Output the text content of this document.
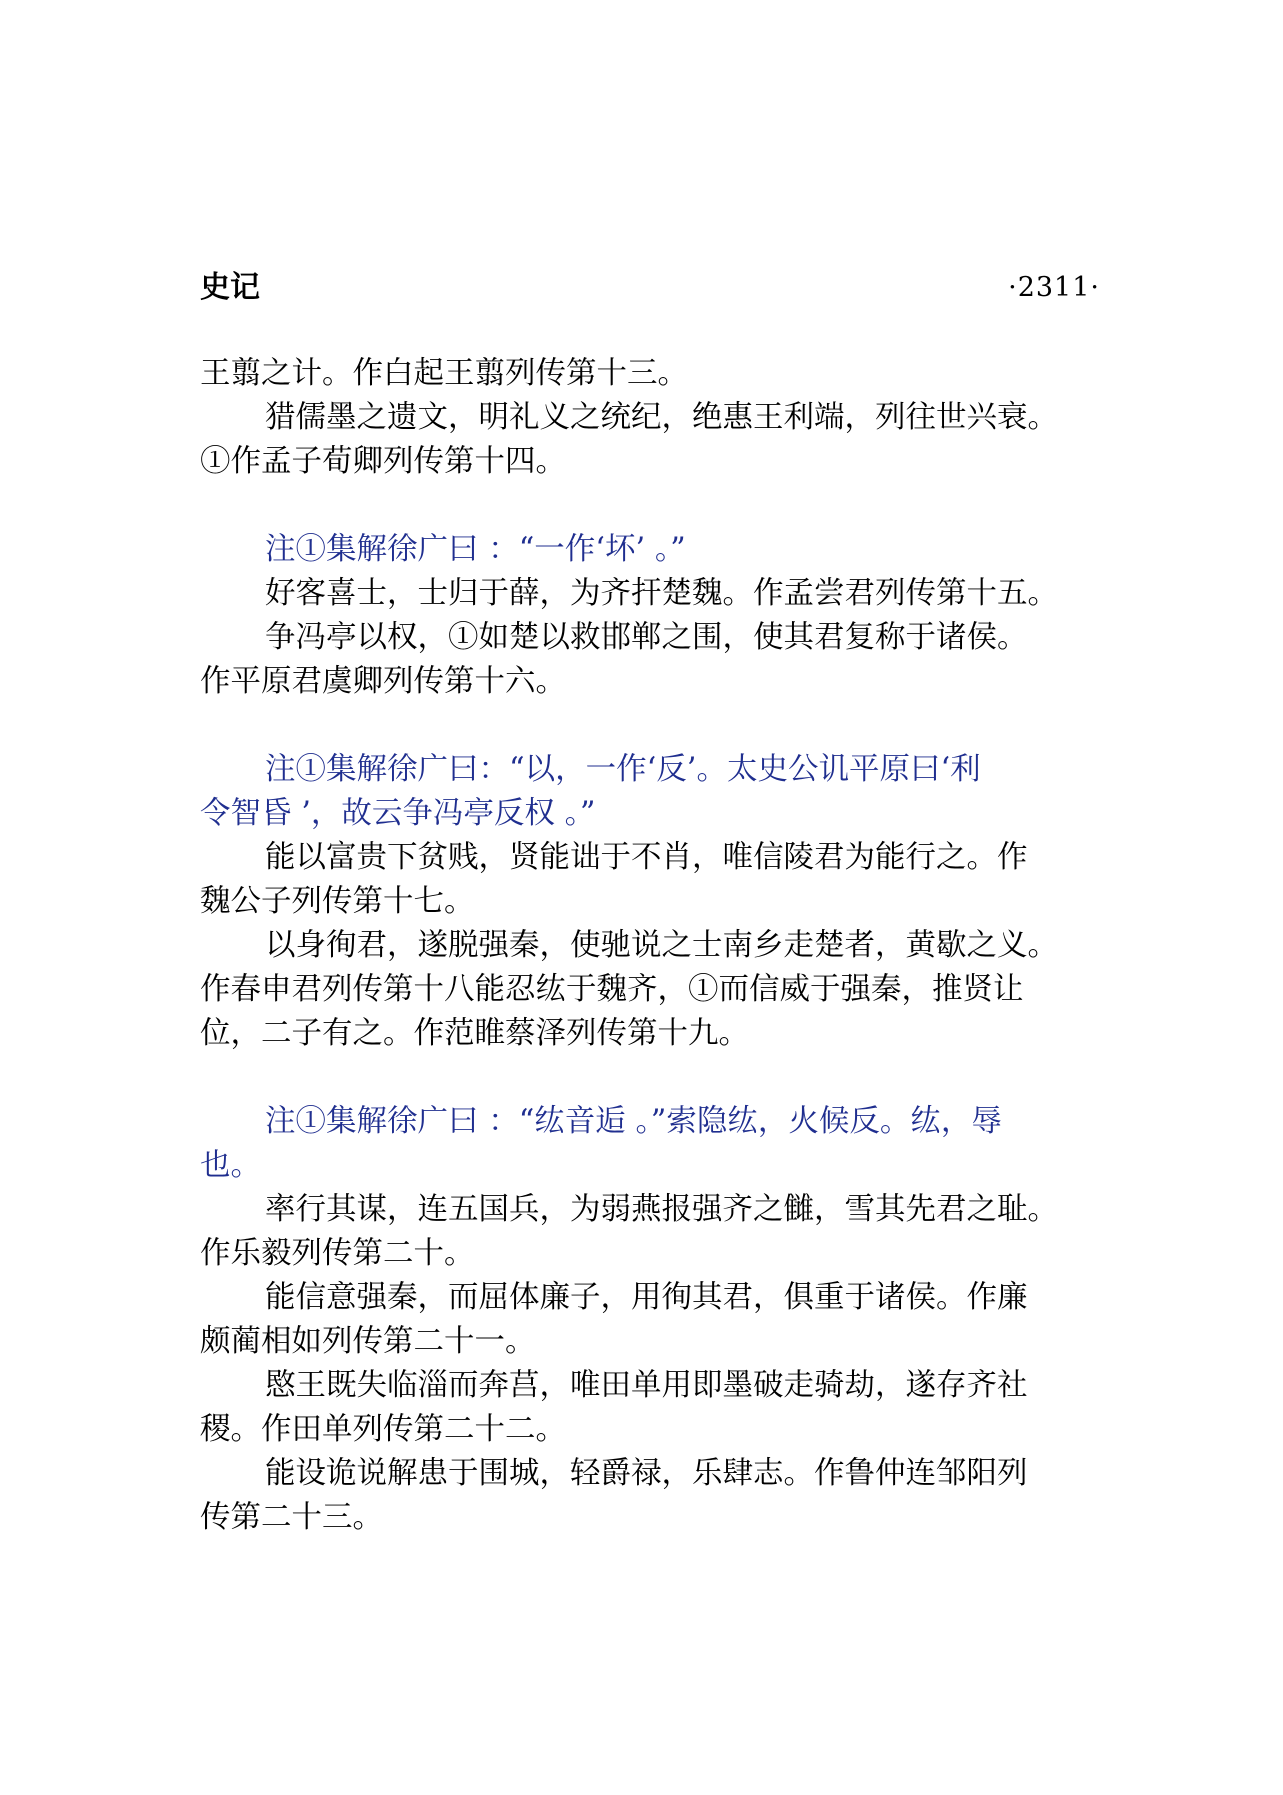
史记	·2311·
王翦之计。作白起王翦列传第十三。
猎儒墨之遗文，明礼义之统纪，绝惠王利端，列往世兴衰。
①作孟子荀卿列传第十四。
注①集解徐广曰 ：“一作‘坏’ 。”
好客喜士，士归于薛，为齐扞楚魏。作孟尝君列传第十五。
争冯亭以权，①如楚以救邯郸之围，使其君复称于诸侯。
作平原君虞卿列传第十六。
注①集解徐广曰：“以，一作‘反’。太史公讥平原曰‘利
令智昏 ’，故云争冯亭反权 。”
能以富贵下贫贱，贤能诎于不肖，唯信陵君为能行之。作
魏公子列传第十七。
以身徇君，遂脱强秦，使驰说之士南乡走楚者，黄歇之义。
作春申君列传第十八能忍纮于魏齐，①而信威于强秦，推贤让
位，二子有之。作范睢蔡泽列传第十九。
注①集解徐广曰 ：“纮音逅 。”索隐纮，火候反。纮，辱
也。
率行其谋，连五国兵，为弱燕报强齐之雠，雪其先君之耻。
作乐毅列传第二十。
能信意强秦，而屈体廉子，用徇其君，俱重于诸侯。作廉
颇蔺相如列传第二十一。
愍王既失临淄而奔莒，唯田单用即墨破走骑劫，遂存齐社
稷。作田单列传第二十二。
能设诡说解患于围城，轻爵禄，乐肆志。作鲁仲连邹阳列
传第二十三。
